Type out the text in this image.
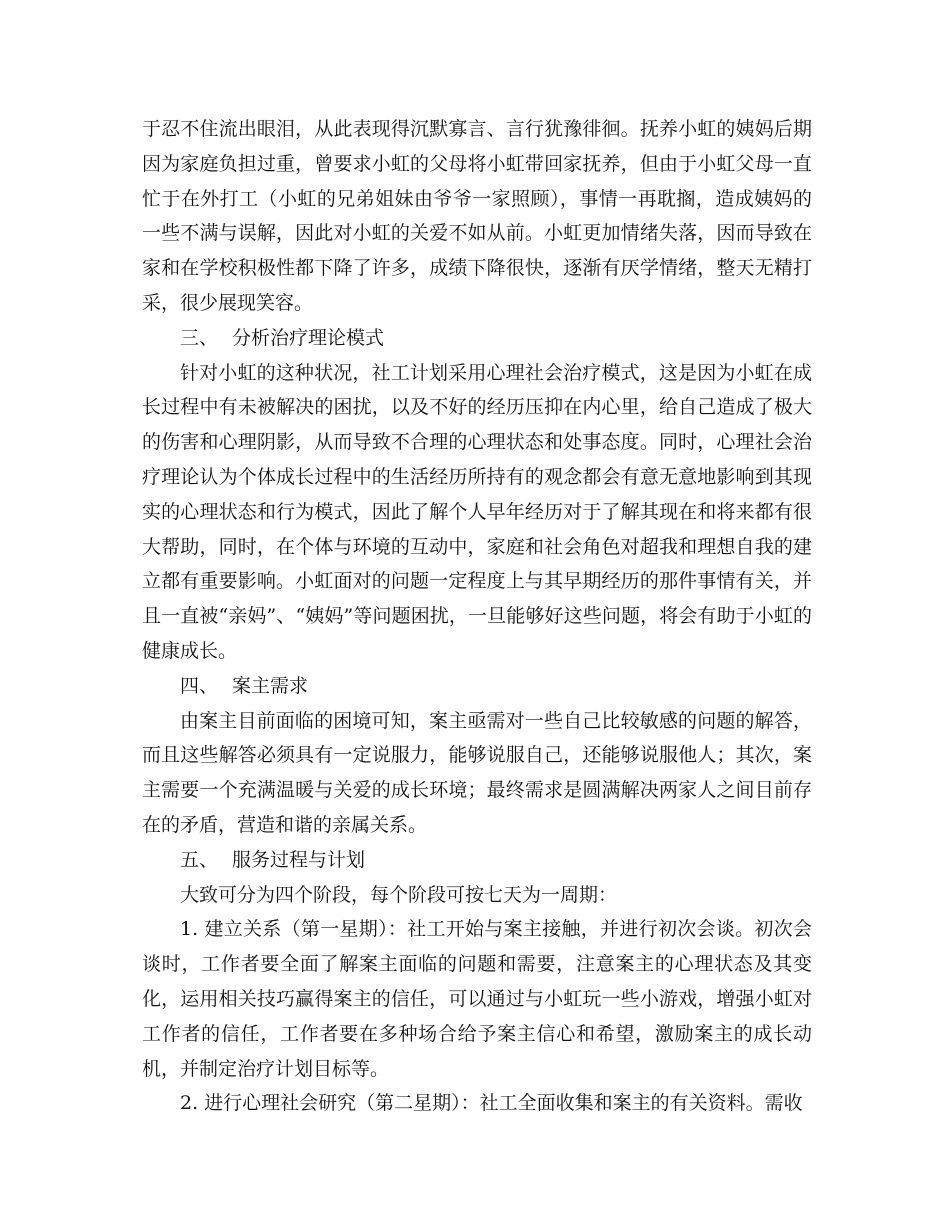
于忍不住流出眼泪，从此表现得沉默寡言、言行犹豫徘徊。抚养小虹的姨妈后期因为家庭负担过重，曾要求小虹的父母将小虹带回家抚养，但由于小虹父母一直忙于在外打工（小虹的兄弟姐妹由爷爷一家照顾），事情一再耽搁，造成姨妈的一些不满与误解，因此对小虹的关爱不如从前。小虹更加情绪失落，因而导致在家和在学校积极性都下降了许多，成绩下降很快，逐渐有厌学情绪，整天无精打采，很少展现笑容。

三、 分析治疗理论模式

针对小虹的这种状况，社工计划采用心理社会治疗模式，这是因为小虹在成长过程中有未被解决的困扰，以及不好的经历压抑在内心里，给自己造成了极大的伤害和心理阴影，从而导致不合理的心理状态和处事态度。同时，心理社会治疗理论认为个体成长过程中的生活经历所持有的观念都会有意无意地影响到其现实的心理状态和行为模式，因此了解个人早年经历对于了解其现在和将来都有很大帮助，同时，在个体与环境的互动中，家庭和社会角色对超我和理想自我的建立都有重要影响。小虹面对的问题一定程度上与其早期经历的那件事情有关，并且一直被“亲妈”、“姨妈”等问题困扰，一旦能够好这些问题，将会有助于小虹的健康成长。

四、 案主需求

由案主目前面临的困境可知，案主亟需对一些自己比较敏感的问题的解答，而且这些解答必须具有一定说服力，能够说服自己，还能够说服他人；其次，案主需要一个充满温暖与关爱的成长环境；最终需求是圆满解决两家人之间目前存在的矛盾，营造和谐的亲属关系。

五、 服务过程与计划

大致可分为四个阶段，每个阶段可按七天为一周期：

1. 建立关系（第一星期）：社工开始与案主接触，并进行初次会谈。初次会谈时，工作者要全面了解案主面临的问题和需要，注意案主的心理状态及其变化，运用相关技巧赢得案主的信任，可以通过与小虹玩一些小游戏，增强小虹对工作者的信任，工作者要在多种场合给予案主信心和希望，激励案主的成长动机，并制定治疗计划目标等。

2. 进行心理社会研究（第二星期）：社工全面收集和案主的有关资料。需收
